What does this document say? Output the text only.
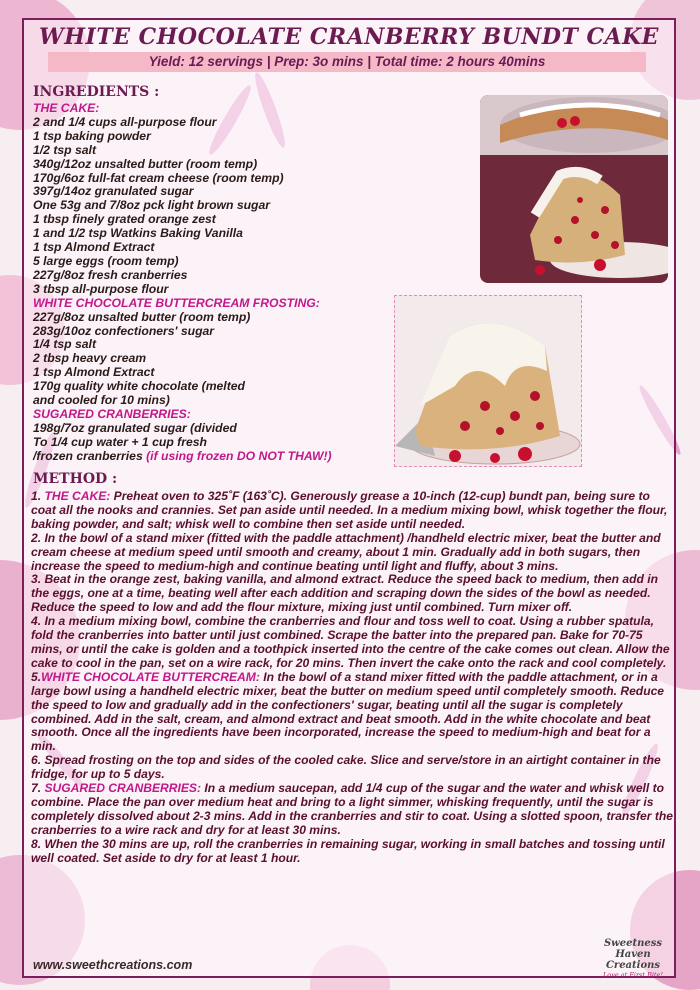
WHITE CHOCOLATE CRANBERRY BUNDT CAKE
Yield: 12 servings | Prep: 3o mins | Total time: 2 hours 40mins
INGREDIENTS :
THE CAKE:
2 and 1/4 cups all-purpose flour
1 tsp baking powder
1/2 tsp salt
340g/12oz unsalted butter (room temp)
170g/6oz full-fat cream cheese (room temp)
397g/14oz granulated sugar
One 53g and 7/8oz pck light brown sugar
1 tbsp finely grated orange zest
1 and 1/2 tsp Watkins Baking Vanilla
1 tsp Almond Extract
5 large eggs (room temp)
227g/8oz fresh cranberries
3 tbsp all-purpose flour
WHITE CHOCOLATE BUTTERCREAM FROSTING:
227g/8oz unsalted butter (room temp)
283g/10oz confectioners' sugar
1/4 tsp salt
2 tbsp heavy cream
1 tsp Almond Extract
170g quality white chocolate (melted
and cooled for 10 mins)
SUGARED CRANBERRIES:
198g/7oz granulated sugar (divided
To 1/4 cup water + 1 cup fresh
/frozen cranberries (if using frozen DO NOT THAW!)
METHOD :

1. THE CAKE: Preheat oven to 325˚F (163˚C). Generously grease a 10-inch (12-cup) bundt pan, being sure to coat all the nooks and crannies. Set pan aside until needed. In a medium mixing bowl, whisk together the flour, baking powder, and salt; whisk well to combine then set aside until needed.

2. In the bowl of a stand mixer (fitted with the paddle attachment) /handheld electric mixer, beat the butter and cream cheese at medium speed until smooth and creamy, about 1 min. Gradually add in both sugars, then increase the speed to medium-high and continue beating until light and fluffy, about 3 mins.

3. Beat in the orange zest, baking vanilla, and almond extract. Reduce the speed back to medium, then add in the eggs, one at a time, beating well after each addition and scraping down the sides of the bowl as needed. Reduce the speed to low and add the flour mixture, mixing just until combined. Turn mixer off.

4. In a medium mixing bowl, combine the cranberries and flour and toss well to coat. Using a rubber spatula, fold the cranberries into batter until just combined. Scrape the batter into the prepared pan. Bake for 70-75 mins, or until the cake is golden and a toothpick inserted into the centre of the cake comes out clean. Allow the cake to cool in the pan, set on a wire rack, for 20 mins. Then invert the cake onto the rack and cool completely.

5.WHITE CHOCOLATE BUTTERCREAM: In the bowl of a stand mixer fitted with the paddle attachment, or in a large bowl using a handheld electric mixer, beat the butter on medium speed until completely smooth. Reduce the speed to low and gradually add in the confectioners' sugar, beating until all the sugar is completely combined. Add in the salt, cream, and almond extract and beat smooth. Add in the white chocolate and beat smooth. Once all the ingredients have been incorporated, increase the speed to medium-high and beat for a min.

6. Spread frosting on the top and sides of the cooled cake. Slice and serve/store in an airtight container in the fridge, for up to 5 days.

7. SUGARED CRANBERRIES: In a medium saucepan, add 1/4 cup of the sugar and the water and whisk well to combine. Place the pan over medium heat and bring to a light simmer, whisking frequently, until the sugar is completely dissolved about 2-3 mins. Add in the cranberries and stir to coat. Using a slotted spoon, transfer the cranberries to a wire rack and dry for at least 30 mins.

8. When the 30 mins are up, roll the cranberries in remaining sugar, working in small batches and tossing until well coated. Set aside to dry for at least 1 hour.

www.sweethcreations.com
Sweetness Haven
Creations
Love at First Bite!
